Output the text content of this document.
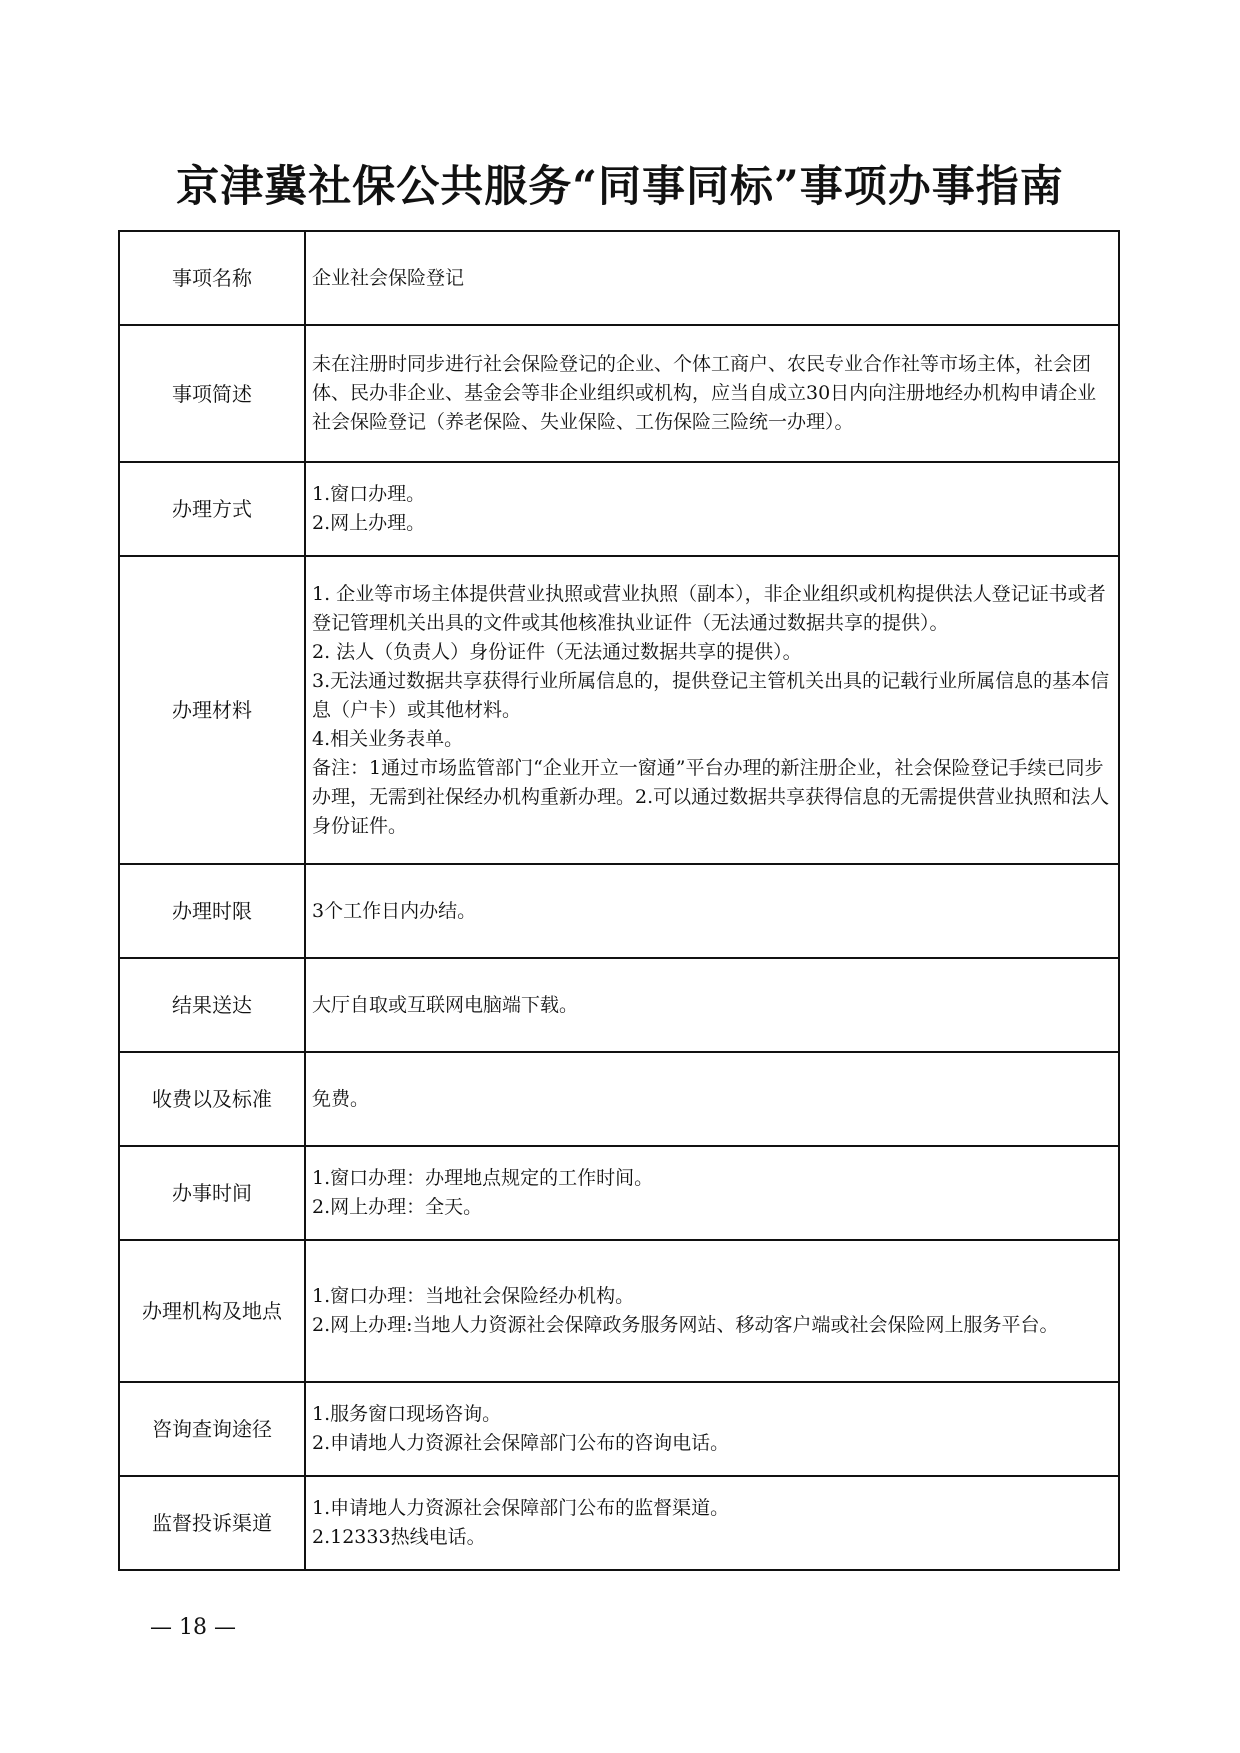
京津冀社保公共服务“同事同标”事项办事指南
事项名称	企业社会保险登记

事项简述	未在注册时同步进行社会保险登记的企业、个体工商户、农民专业合作社等市场主体，社会团体、民办非企业、基金会等非企业组织或机构，应当自成立30日内向注册地经办机构申请企业社会保险登记（养老保险、失业保险、工伤保险三险统一办理）。

办理方式	1.窗口办理。
2.网上办理。

办理材料	1. 企业等市场主体提供营业执照或营业执照（副本），非企业组织或机构提供法人登记证书或者登记管理机关出具的文件或其他核准执业证件（无法通过数据共享的提供）。
2. 法人（负责人）身份证件（无法通过数据共享的提供）。
3.无法通过数据共享获得行业所属信息的，提供登记主管机关出具的记载行业所属信息的基本信息（户卡）或其他材料。
4.相关业务表单。
备注：1通过市场监管部门“企业开立一窗通”平台办理的新注册企业，社会保险登记手续已同步办理，无需到社保经办机构重新办理。2.可以通过数据共享获得信息的无需提供营业执照和法人身份证件。

办理时限	3个工作日内办结。

结果送达	大厅自取或互联网电脑端下载。

收费以及标准	免费。

办事时间	1.窗口办理：办理地点规定的工作时间。
2.网上办理：全天。

办理机构及地点	1.窗口办理：当地社会保险经办机构。
2.网上办理:当地人力资源社会保障政务服务网站、移动客户端或社会保险网上服务平台。

咨询查询途径	1.服务窗口现场咨询。
2.申请地人力资源社会保障部门公布的咨询电话。

监督投诉渠道	1.申请地人力资源社会保障部门公布的监督渠道。
2.12333热线电话。
— 18 —
